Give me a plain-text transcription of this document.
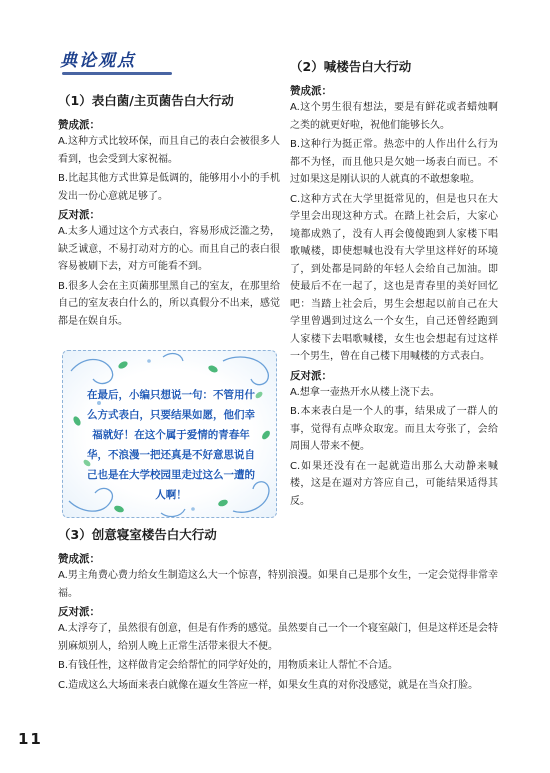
典论观点
（1）表白菌/主页菌告白大行动
赞成派：

A.这种方式比较环保，而且自己的表白会被很多人看到，也会受到大家祝福。

B.比起其他方式世算是低调的，能够用小小的手机发出一份心意就足够了。

反对派：

A.太多人通过这个方式表白，容易形成泛滥之势，缺乏诚意，不易打动对方的心。而且自己的表白很容易被刷下去，对方可能看不到。

B.很多人会在主页菌那里黑自己的室友，在那里给自己的室友表白什么的，所以真假分不出来，感觉都是在娱自乐。

在最后，小编只想说一句：不管用什么方式表白，只要结果如愿，他们幸福就好！在这个属于爱情的青春年华，不浪漫一把还真是不好意思说自己也是在大学校园里走过这么一遭的人啊！
（2）喊楼告白大行动
赞成派：

A.这个男生很有想法，要是有鲜花或者蜡烛啊之类的就更好啦，祝他们能够长久。

B.这种行为挺正常。热恋中的人作出什么行为都不为怪，而且他只是欠她一场表白而已。不过如果这是刚认识的人就真的不敢想象啦。

C.这种方式在大学里挺常见的，但是也只在大学里会出现这种方式。在踏上社会后，大家心境都成熟了，没有人再会傻傻跑到人家楼下唱歌喊楼，即使想喊也没有大学里这样好的环境了，到处都是同龄的年轻人会给自己加油。即使最后不在一起了，这也是青春里的美好回忆吧：当踏上社会后，男生会想起以前自己在大学里曾遇到过这么一个女生，自己还曾经跑到人家楼下去唱歌喊楼，女生也会想起有过这样一个男生，曾在自己楼下用喊楼的方式表白。

反对派：

A.想拿一壶热开水从楼上浇下去。

B.本来表白是一个人的事，结果成了一群人的事，觉得有点哗众取宠。而且太夸张了，会给周围人带来不便。

C.如果还没有在一起就造出那么大动静来喊楼，这是在逼对方答应自己，可能结果适得其反。

（3）创意寝室楼告白大行动
赞成派：

A.男主角费心费力给女生制造这么大一个惊喜，特别浪漫。如果自己是那个女生，一定会觉得非常幸福。

反对派：

A.太浮夸了，虽然很有创意，但是有作秀的感觉。虽然要自己一个一个寝室敲门，但是这样还是会特别麻烦别人，给别人晚上正常生活带来很大不便。

B.有钱任性，这样做肯定会给帮忙的同学好处的，用物质来让人帮忙不合适。

C.造成这么大场面来表白就像在逼女生答应一样，如果女生真的对你没感觉，就是在当众打脸。

11
